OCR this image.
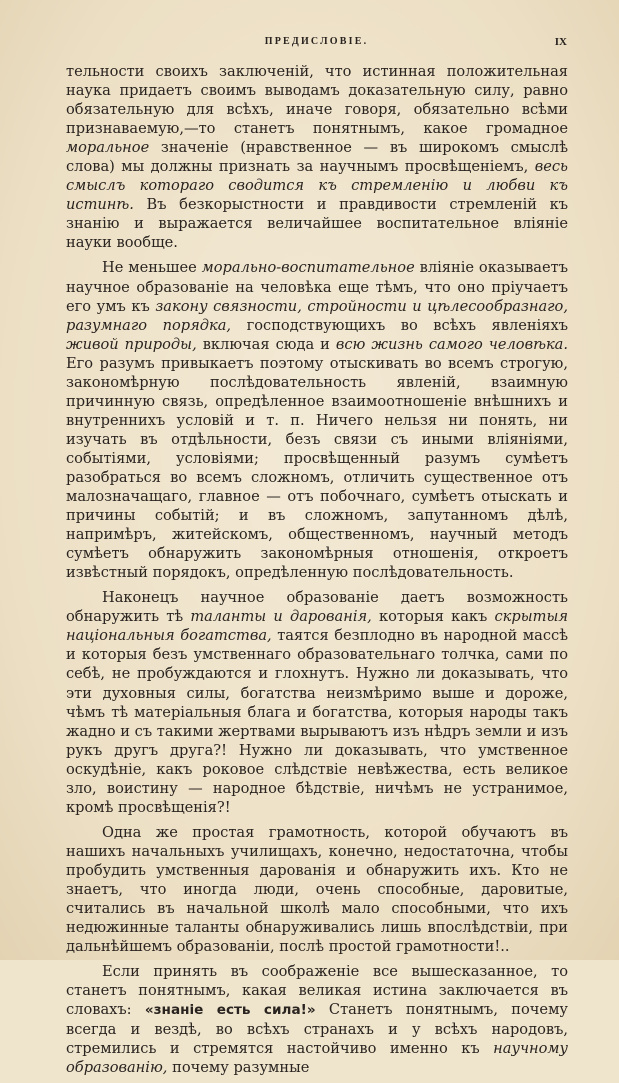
ПРЕДИСЛОВІЕ.	IX

тельности своихъ заключеній, что истинная положительная наука придаетъ своимъ выводамъ доказательную силу, равно обязательную для всѣхъ, иначе говоря, обязательно всѣми признаваемую,—то станетъ понятнымъ, какое громадное моральное значеніе (нравственное — въ широкомъ смыслѣ слова) мы должны признать за научнымъ просвѣщеніемъ, весь смыслъ котораго сводится къ стремленію и любви къ истинѣ. Въ безкорыстности и правдивости стремленій къ знанію и выражается величайшее воспитательное вліяніе науки вообще.

Не меньшее морально-воспитательное вліяніе оказываетъ научное образованіе на человѣка еще тѣмъ, что оно пріучаетъ его умъ къ закону связности, стройности и цѣлесообразнаго, разумнаго порядка, господствующихъ во всѣхъ явленіяхъ живой природы, включая сюда и всю жизнь самого человѣка. Его разумъ привыкаетъ поэтому отыскивать во всемъ строгую, закономѣрную послѣдовательность явленій, взаимную причинную связь, опредѣленное взаимоотношеніе внѣшнихъ и внутреннихъ условій и т. п. Ничего нельзя ни понять, ни изучать въ отдѣльности, безъ связи съ иными вліяніями, событіями, условіями; просвѣщенный разумъ сумѣетъ разобраться во всемъ сложномъ, отличить существенное отъ малозначащаго, главное — отъ побочнаго, сумѣетъ отыскать и причины событій; и въ сложномъ, запутанномъ дѣлѣ, напримѣръ, житейскомъ, общественномъ, научный методъ сумѣетъ обнаружить закономѣрныя отношенія, откроетъ извѣстный порядокъ, опредѣленную послѣдовательность.

Наконецъ научное образованіе даетъ возможность обнаружить тѣ таланты и дарованія, которыя какъ скрытыя національныя богатства, таятся безплодно въ народной массѣ и которыя безъ умственнаго образовательнаго толчка, сами по себѣ, не пробуждаются и глохнутъ. Нужно ли доказывать, что эти духовныя силы, богатства неизмѣримо выше и дороже, чѣмъ тѣ матеріальныя блага и богатства, которыя народы такъ жадно и съ такими жертвами вырываютъ изъ нѣдръ земли и изъ рукъ другъ друга?! Нужно ли доказывать, что умственное оскудѣніе, какъ роковое слѣдствіе невѣжества, есть великое зло, воистину — народное бѣдствіе, ничѣмъ не устранимое, кромѣ просвѣщенія?!

Одна же простая грамотность, которой обучаютъ въ нашихъ начальныхъ училищахъ, конечно, недостаточна, чтобы пробудить умственныя дарованія и обнаружить ихъ. Кто не знаетъ, что иногда люди, очень способные, даровитые, считались въ начальной школѣ мало способными, что ихъ недюжинные таланты обнаруживались лишь впослѣдствіи, при дальнѣйшемъ образованіи, послѣ простой грамотности!..

Если принять въ соображеніе все вышесказанное, то станетъ понятнымъ, какая великая истина заключается въ словахъ: «знаніе есть сила!» Станетъ понятнымъ, почему всегда и вездѣ, во всѣхъ странахъ и у всѣхъ народовъ, стремились и стремятся настойчиво именно къ научному образованію, почему разумные
